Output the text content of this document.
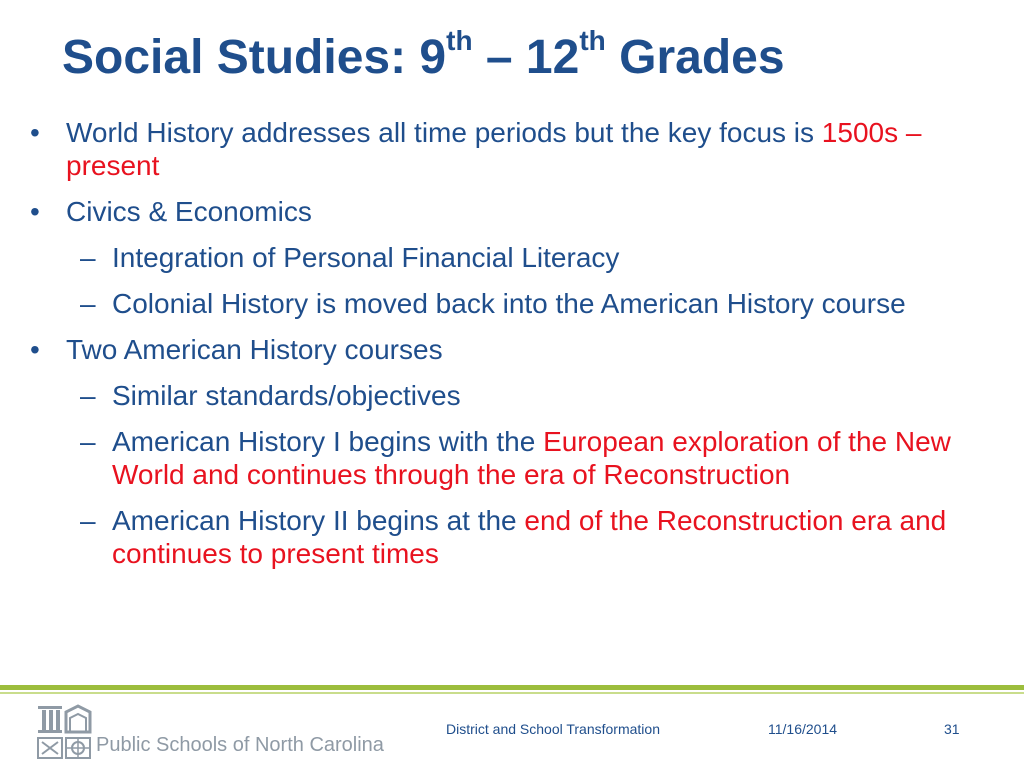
Social Studies: 9th – 12th Grades
• World History addresses all time periods but the key focus is 1500s – present
• Civics & Economics
– Integration of Personal Financial Literacy
– Colonial History is moved back into the American History course
• Two American History courses
– Similar standards/objectives
– American History I begins with the European exploration of the New World and continues through the era of Reconstruction
– American History II begins at the end of the Reconstruction era and continues to present times
Public Schools of North Carolina
District and School Transformation	11/16/2014	31
